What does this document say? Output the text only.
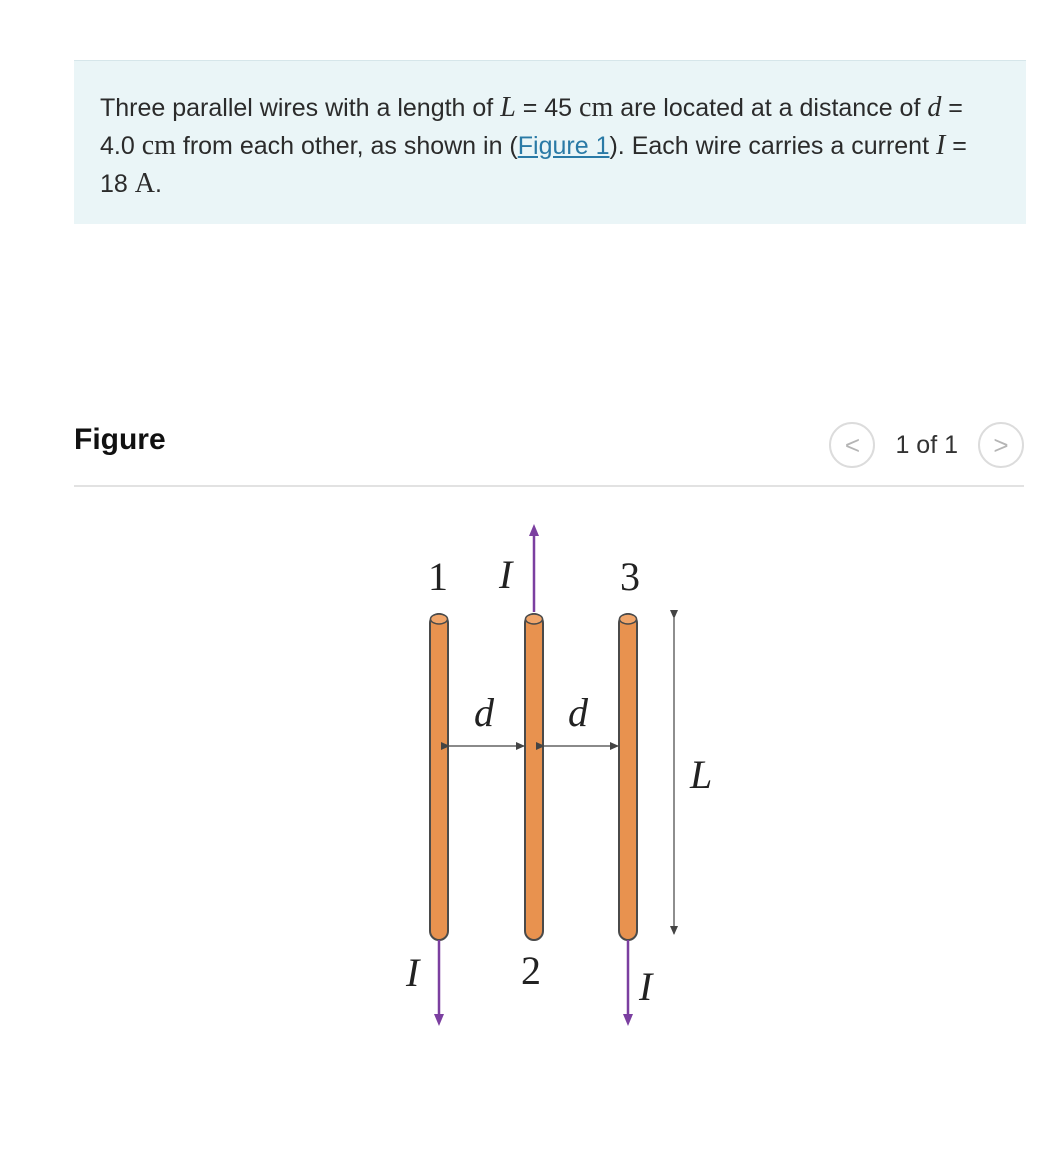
Three parallel wires with a length of L = 45 cm are located at a distance of d = 4.0 cm from each other, as shown in (Figure 1). Each wire carries a current I = 18 A.
Figure	< 1 of 1 >
1
2
3
I
I	I
d d
L
